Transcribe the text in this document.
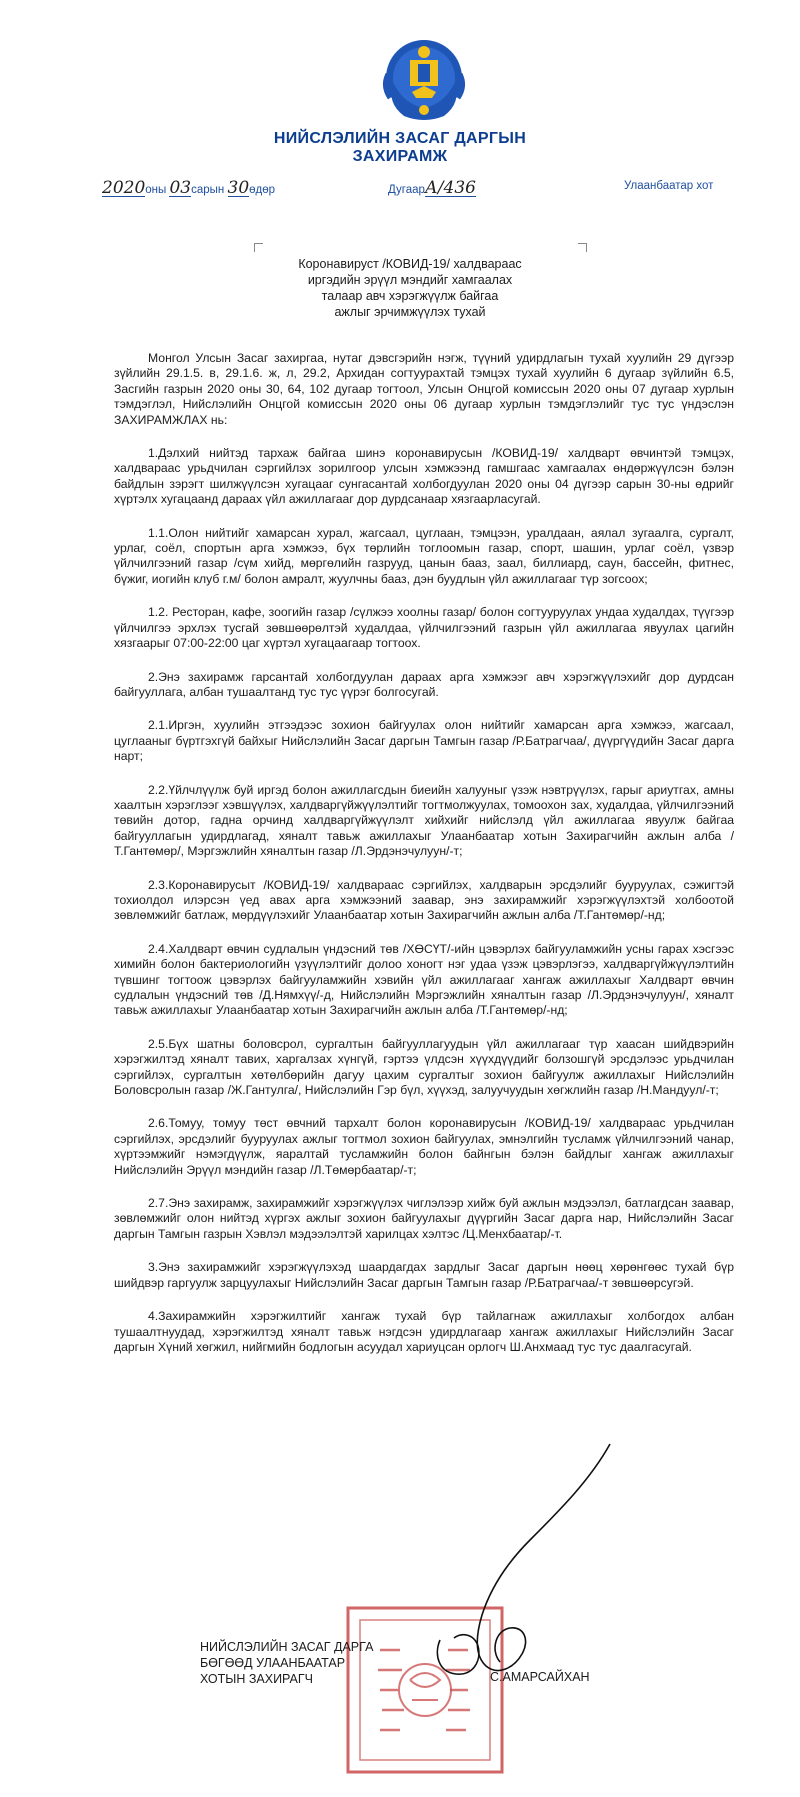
НИЙСЛЭЛИЙН ЗАСАГ ДАРГЫН
ЗАХИРАМЖ
2020оны 03сарын 30өдөр	ДугаарА/436	Улаанбаатар хот
Коронавируст /КОВИД-19/ халдвараас
иргэдийн эрүүл мэндийг хамгаалах
талаар авч хэрэгжүүлж байгаа
ажлыг эрчимжүүлэх тухай

Монгол Улсын Засаг захиргаа, нутаг дэвсгэрийн нэгж, түүний удирдлагын тухай хуулийн 29 дүгээр зүйлийн 29.1.5. в, 29.1.6. ж, л, 29.2, Архидан согтуурахтай тэмцэх тухай хуулийн 6 дугаар зүйлийн 6.5, Засгийн газрын 2020 оны 30, 64, 102 дугаар тогтоол, Улсын Онцгой комиссын 2020 оны 07 дугаар хурлын тэмдэглэл, Нийслэлийн Онцгой комиссын 2020 оны 06 дугаар хурлын тэмдэглэлийг тус тус үндэслэн ЗАХИРАМЖЛАХ нь:

1.Дэлхий нийтэд тархаж байгаа шинэ коронавирусын /КОВИД-19/ халдварт өвчинтэй тэмцэх, халдвараас урьдчилан сэргийлэх зорилгоор улсын хэмжээнд гамшгаас хамгаалах өндөржүүлсэн бэлэн байдлын зэрэгт шилжүүлсэн хугацааг сунгасантай холбогдуулан 2020 оны 04 дүгээр сарын 30-ны өдрийг хүртэлх хугацаанд дараах үйл ажиллагааг дор дурдсанаар хязгаарласугай.

1.1.Олон нийтийг хамарсан хурал, жагсаал, цуглаан, тэмцээн, уралдаан, аялал зугаалга, сургалт, урлаг, соёл, спортын арга хэмжээ, бүх төрлийн тоглоомын газар, спорт, шашин, урлаг соёл, үзвэр үйлчилгээний газар /сүм хийд, мөргөлийн газрууд, цанын бааз, заал, биллиард, саун, бассейн, фитнес, бүжиг, иогийн клуб г.м/ болон амралт, жуулчны бааз, дэн буудлын үйл ажиллагааг түр зогсоох;

1.2. Ресторан, кафе, зоогийн газар /сүлжээ хоолны газар/ болон согтууруулах ундаа худалдах, түүгээр үйлчилгээ эрхлэх тусгай зөвшөөрөлтэй худалдаа, үйлчилгээний газрын үйл ажиллагаа явуулах цагийн хязгаарыг 07:00-22:00 цаг хүртэл хугацаагаар тогтоох.

2.Энэ захирамж гарсантай холбогдуулан дараах арга хэмжээг авч хэрэгжүүлэхийг дор дурдсан байгууллага, албан тушаалтанд тус тус үүрэг болгосугай.

2.1.Иргэн, хуулийн этгээдээс зохион байгуулах олон нийтийг хамарсан арга хэмжээ, жагсаал, цуглааныг бүртгэхгүй байхыг Нийслэлийн Засаг даргын Тамгын газар /Р.Батрагчаа/, дүүргүүдийн Засаг дарга нарт;

2.2.Үйлчлүүлж буй иргэд болон ажиллагсдын биеийн халууныг үзэж нэвтрүүлэх, гарыг ариутгах, амны хаалтын хэрэглээг хэвшүүлэх, халдваргүйжүүлэлтийг тогтмолжуулах, томоохон зах, худалдаа, үйлчилгээний төвийн дотор, гадна орчинд халдваргүйжүүлэлт хийхийг нийслэлд үйл ажиллагаа явуулж байгаа байгууллагын удирдлагад, хяналт тавьж ажиллахыг Улаанбаатар хотын Захирагчийн ажлын алба /Т.Гантөмөр/, Мэргэжлийн хяналтын газар /Л.Эрдэнэчулуун/-т;

2.3.Коронавирусыт /КОВИД-19/ халдвараас сэргийлэх, халдварын эрсдэлийг бууруулах, сэжигтэй тохиолдол илэрсэн үед авах арга хэмжээний заавар, энэ захирамжийг хэрэгжүүлэхтэй холбоотой зөвлөмжийг батлаж, мөрдүүлэхийг Улаанбаатар хотын Захирагчийн ажлын алба /Т.Гантөмөр/-нд;

2.4.Халдварт өвчин судлалын үндэсний төв /ХӨСҮТ/-ийн цэвэрлэх байгууламжийн усны гарах хэсгээс химийн болон бактериологийн үзүүлэлтийг долоо хоногт нэг удаа үзэж цэвэрлэгээ, халдваргүйжүүлэлтийн түвшинг тогтоож цэвэрлэх байгууламжийн хэвийн үйл ажиллагааг хангаж ажиллахыг Халдварт өвчин судлалын үндэсний төв /Д.Нямхүү/-д, Нийслэлийн Мэргэжлийн хяналтын газар /Л.Эрдэнэчулуун/, хяналт тавьж ажиллахыг Улаанбаатар хотын Захирагчийн ажлын алба /Т.Гантөмөр/-нд;

2.5.Бүх шатны боловсрол, сургалтын байгууллагуудын үйл ажиллагааг түр хаасан шийдвэрийн хэрэгжилтэд хяналт тавих, харгалзах хүнгүй, гэртээ үлдсэн хүүхдүүдийг болзошгүй эрсдэлээс урьдчилан сэргийлэх, сургалтын хөтөлбөрийн дагуу цахим сургалтыг зохион байгуулж ажиллахыг Нийслэлийн Боловсролын газар /Ж.Гантулга/, Нийслэлийн Гэр бүл, хүүхэд, залуучуудын хөгжлийн газар /Н.Мандуул/-т;

2.6.Томуу, томуу төст өвчний тархалт болон коронавирусын /КОВИД-19/ халдвараас урьдчилан сэргийлэх, эрсдэлийг бууруулах ажлыг тогтмол зохион байгуулах, эмнэлгийн тусламж үйлчилгээний чанар, хүртээмжийг нэмэгдүүлж, яаралтай тусламжийн болон байнгын бэлэн байдлыг хангаж ажиллахыг Нийслэлийн Эрүүл мэндийн газар /Л.Төмөрбаатар/-т;

2.7.Энэ захирамж, захирамжийг хэрэгжүүлэх чиглэлээр хийж буй ажлын мэдээлэл, батлагдсан заавар, зөвлөмжийг олон нийтэд хүргэх ажлыг зохион байгуулахыг дүүргийн Засаг дарга нар, Нийслэлийн Засаг даргын Тамгын газрын Хэвлэл мэдээлэлтэй харилцах хэлтэс /Ц.Менхбаатар/-т.

3.Энэ захирамжийг хэрэгжүүлэхэд шаардагдах зардлыг Засаг даргын нөөц хөрөнгөөс тухай бүр шийдвэр гаргуулж зарцуулахыг Нийслэлийн Засаг даргын Тамгын газар /Р.Батрагчаа/-т зөвшөөрсугэй.

4.Захирамжийн хэрэгжилтийг хангаж тухай бүр тайлагнаж ажиллахыг холбогдох албан тушаалтнуудад, хэрэгжилтэд хяналт тавьж нэгдсэн удирдлагаар хангаж ажиллахыг Нийслэлийн Засаг даргын Хүний хөгжил, нийгмийн бодлогын асуудал хариуцсан орлогч Ш.Анхмаад тус тус даалгасугай.

НИЙСЛЭЛИЙН ЗАСАГ ДАРГА
БӨГӨӨД УЛААНБААТАР
ХОТЫН ЗАХИРАГЧ	С.АМАРСАЙХАН
